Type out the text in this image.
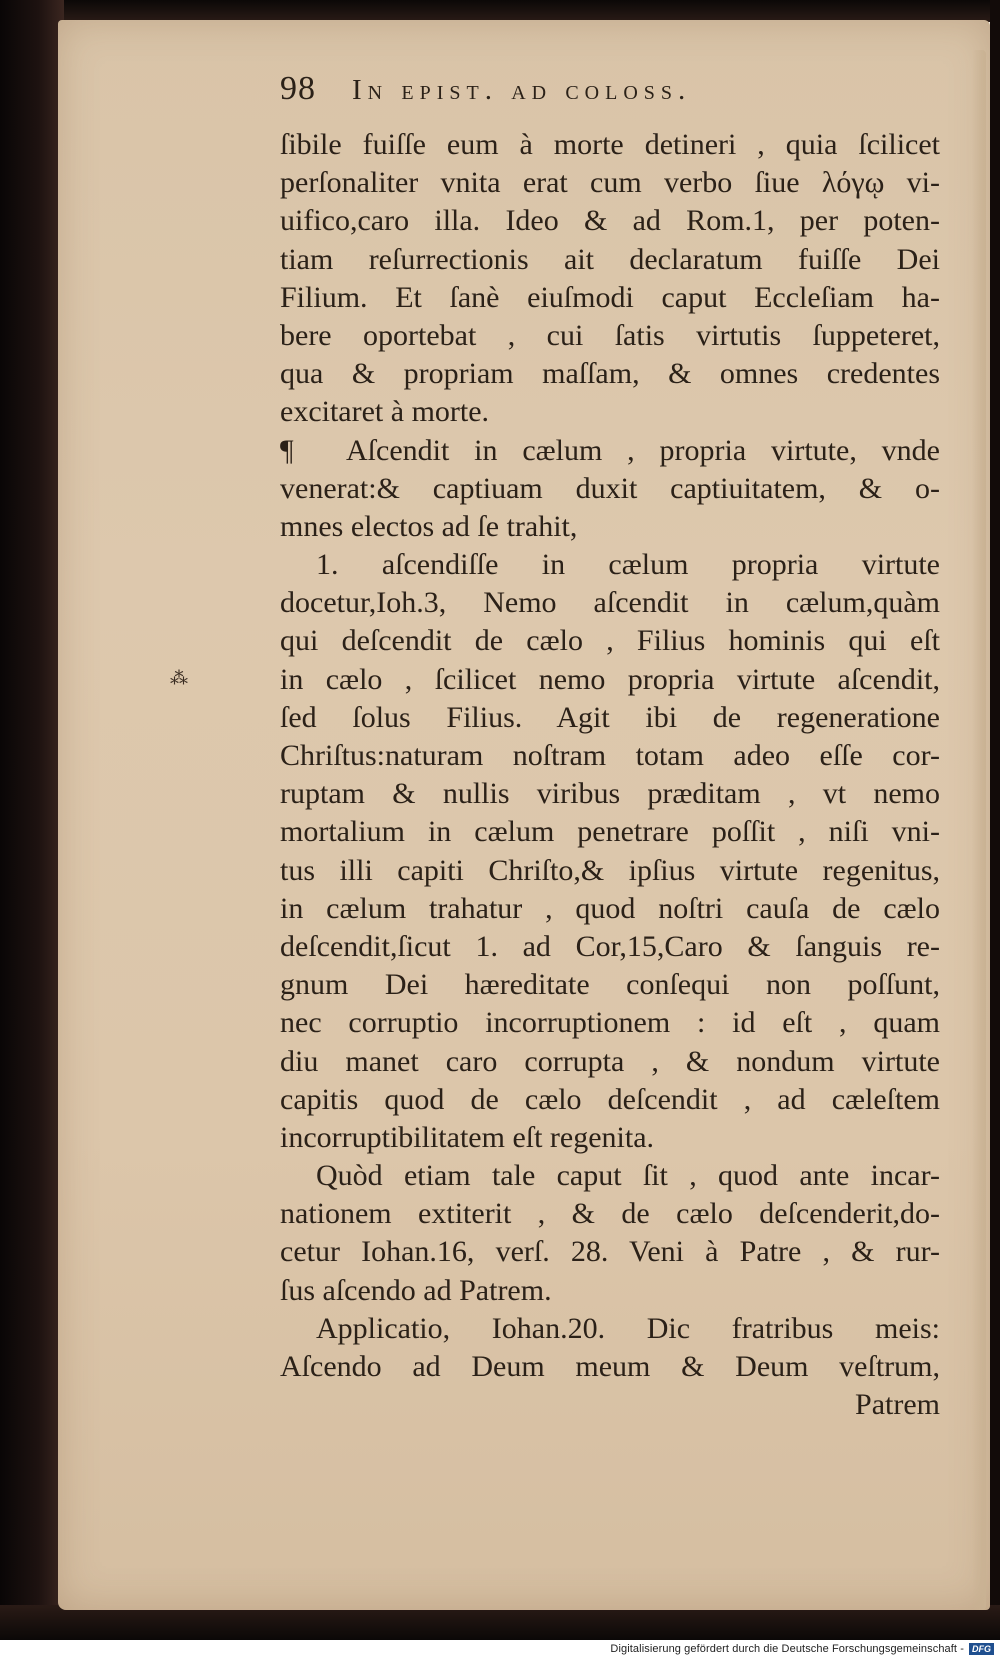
⁂
98	In epist. ad coloss.
ſibile fuiſſe eum à morte detineri , quia ſcilicet
perſonaliter vnita erat cum verbo ſiue λόγῳ vi-
uifico,caro illa. Ideo & ad Rom.1, per poten-
tiam reſurrectionis ait declaratum fuiſſe Dei
Filium. Et ſanè eiuſmodi caput Eccleſiam ha-
bere oportebat , cui ſatis virtutis ſuppeteret,
qua & propriam maſſam, & omnes credentes
excitaret à morte.
¶ Aſcendit in cælum , propria virtute, vnde
venerat:& captiuam duxit captiuitatem, & o-
mnes electos ad ſe trahit,
1. aſcendiſſe in cælum propria virtute
docetur,Ioh.3, Nemo aſcendit in cælum,quàm
qui deſcendit de cælo , Filius hominis qui eſt
in cælo , ſcilicet nemo propria virtute aſcendit,
ſed ſolus Filius. Agit ibi de regeneratione
Chriſtus:naturam noſtram totam adeo eſſe cor-
ruptam & nullis viribus præditam , vt nemo
mortalium in cælum penetrare poſſit , niſi vni-
tus illi capiti Chriſto,& ipſius virtute regenitus,
in cælum trahatur , quod noſtri cauſa de cælo
deſcendit,ſicut 1. ad Cor,15,Caro & ſanguis re-
gnum Dei hæreditate conſequi non poſſunt,
nec corruptio incorruptionem : id eſt , quam
diu manet caro corrupta , & nondum virtute
capitis quod de cælo deſcendit , ad cæleſtem
incorruptibilitatem eſt regenita.
Quòd etiam tale caput ſit , quod ante incar-
nationem extiterit , & de cælo deſcenderit,do-
cetur Iohan.16, verſ. 28. Veni à Patre , & rur-
ſus aſcendo ad Patrem.
Applicatio, Iohan.20. Dic fratribus meis:
Aſcendo ad Deum meum & Deum veſtrum,
Patrem
Digitalisierung gefördert durch die Deutsche Forschungsgemeinschaft - DFG
